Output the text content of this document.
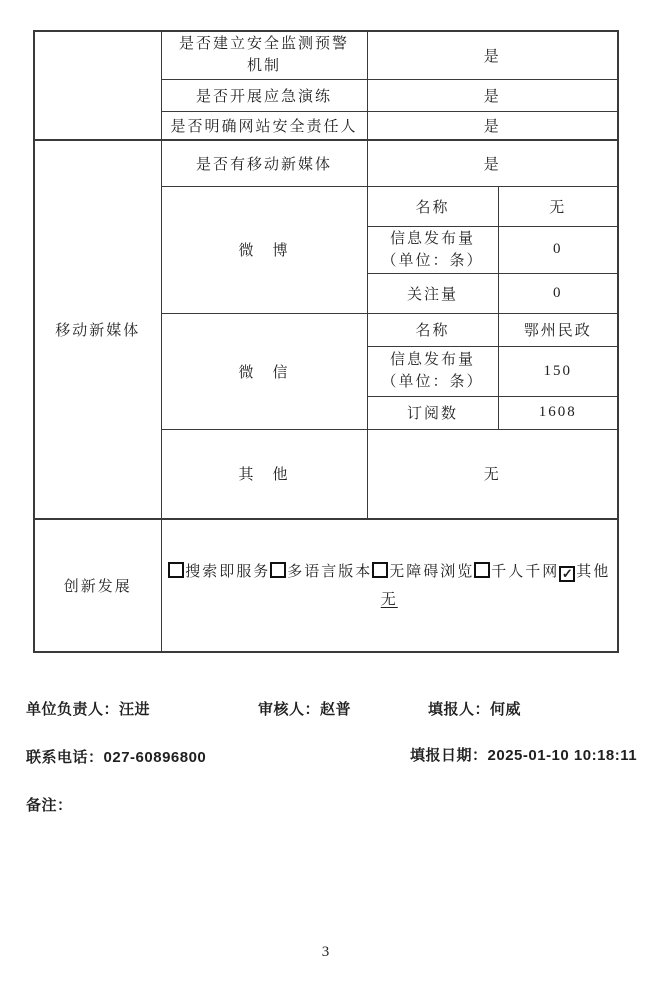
	是否建立安全监测预警
机制	是	
	是否开展应急演练	是	
	是否明确网站安全责任人	是	
移动新媒体	是否有移动新媒体	是	
	微　博	名称	无

		信息发布量
（单位：条）	0
		关注量	0
	微　信	名称	鄂州民政

		信息发布量
（单位：条）	150
		订阅数	1608
	其　他	无	
创新发展	搜索即服务 多语言版本 无障碍浏览 千人千网 ✓ 其他
无		
单位负责人：汪进	审核人：赵普	填报人：何威
联系电话：027-60896800	填报日期：2025-01-10 10:18:11
备注：
3
